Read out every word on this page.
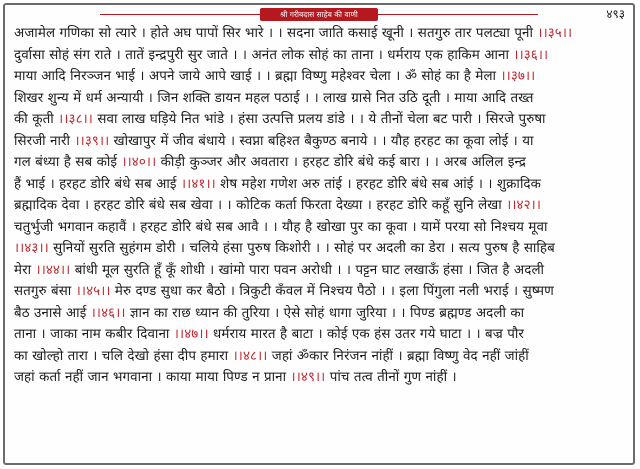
श्री गरीबदास साहेब की वाणी	४९३
अजामेल गणिका सो त्यारे । होते अघ पापों सिर भारे । । सदना जाति कसाई खूनी । सतगुरु तार पलट्या पूनी ।।३५।।
दुर्वासा सोहं संग राते । तातें इन्द्रपुरी सुर जाते । । अनंत लोक सोहं का ताना । धर्मराय एक हाकिम आना ।।३६।।
माया आदि निरञ्जन भाई । अपने जाये आपे खाई । । ब्रह्मा विष्णु महेश्वर चेला । ॐ सोहं का है मेला ।।३७।।
शिखर शुन्य में धर्म अन्यायी । जिन शक्ति डायन महल पठाई । । लाख ग्रासे नित उठि दूती । माया आदि तख्त
की कूती ।।३८।। सवा लाख घड़िये नित भांडे । हंसा उत्पत्ति प्रलय डांडे । । ये तीनों चेला बट पारी । सिरजे पुरुषा
सिरजी नारी ।।३९।। खोखापुर में जीव बंधाये । स्वप्ना बहिश्त बैकुण्ठ बनाये । । यौह हरहट का कूवा लोई । या
गल बंध्या है सब कोई ।।४०।। कीड़ी कुञ्जर और अवतारा । हरहट डोरि बंधे कई बारा । । अरब अलिल इन्द्र
हैं भाई । हरहट डोरि बंधे सब आई ।।४१।। शेष महेश गणेश अरु तांई । हरहट डोरि बंधे सब आंई । । शुक्रादिक
ब्रह्मादिक देवा । हरहट डोरि बंधे सब खेवा । । कोटिक कर्ता फिरता देख्या । हरहट डोरि कहूँ सुनि लेखा ।।४२।।
चतुर्भुजी भगवान कहावैं । हरहट डोरि बंधे सब आवै । । यौह है खोखा पुर का कूवा । यामें परया सो निश्चय मूवा
।।४३।। सुनियों सुरति सुहंगम डोरी । चलिये हंसा पुरुष किशोरी । । सोहं पर अदली का डेरा । सत्य पुरुष है साहिब
मेरा ।।४४।। बांधी मूल सुरति हूँ कूँ शोधी । खांमो पारा पवन अरोधी । । पट्टन घाट लखाऊँ हंसा । जित है अदली
सतगुरु बंसा ।।४५।। मेरु दण्ड सुधा कर बैठो । त्रिकुटी कँवल में निश्चय पैठो । । इला पिंगुला नली भराई । सुष्मण
बैठ उनासे आई ।।४६।। ज्ञान का राछ ध्यान की तुरिया । ऐसे सोहं धागा जुरिया । । पिण्ड ब्रह्मण्ड अदली का
ताना । जाका नाम कबीर दिवाना ।।४७।। धर्मराय मारत है बाटा । कोई एक हंस उतर गये घाटा । । बज्र पौर
का खोल्हो तारा । चलि देखो हंसा दीप हमारा ।।४८।। जहां ॐकार निरंजन नांहीं । ब्रह्मा विष्णु वेद नहीं जांहीं
जहां कर्ता नहीं जान भगवाना । काया माया पिण्ड न प्राना ।।४९।। पांच तत्व तीनों गुण नांहीं ।
